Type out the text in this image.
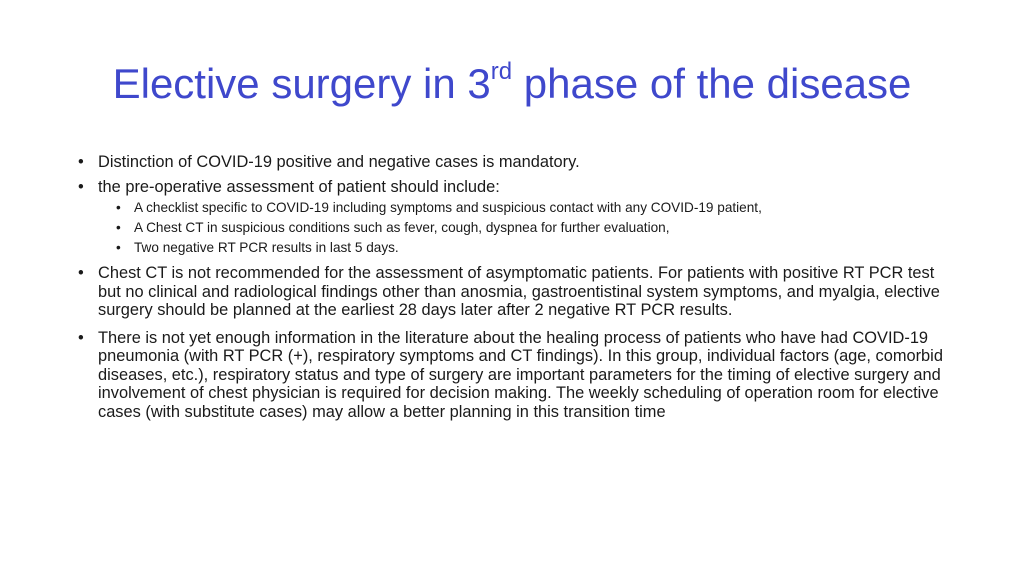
Elective surgery in 3rd phase of the disease
• Distinction of COVID-19 positive and negative cases is mandatory.
• the pre-operative assessment of patient should include:
• A checklist specific to COVID-19 including symptoms and suspicious contact with any COVID-19 patient,
• A Chest CT in suspicious conditions such as fever, cough, dyspnea for further evaluation,
• Two negative RT PCR results in last 5 days.
• Chest CT is not recommended for the assessment of asymptomatic patients. For patients with positive RT PCR test but no clinical and radiological findings other than anosmia, gastroentistinal system symptoms, and myalgia, elective surgery should be planned at the earliest 28 days later after 2 negative RT PCR results.
• There is not yet enough information in the literature about the healing process of patients who have had COVID-19 pneumonia (with RT PCR (+), respiratory symptoms and CT findings). In this group, individual factors (age, comorbid diseases, etc.), respiratory status and type of surgery are important parameters for the timing of elective surgery and involvement of chest physician is required for decision making. The weekly scheduling of operation room for elective cases (with substitute cases) may allow a better planning in this transition time
